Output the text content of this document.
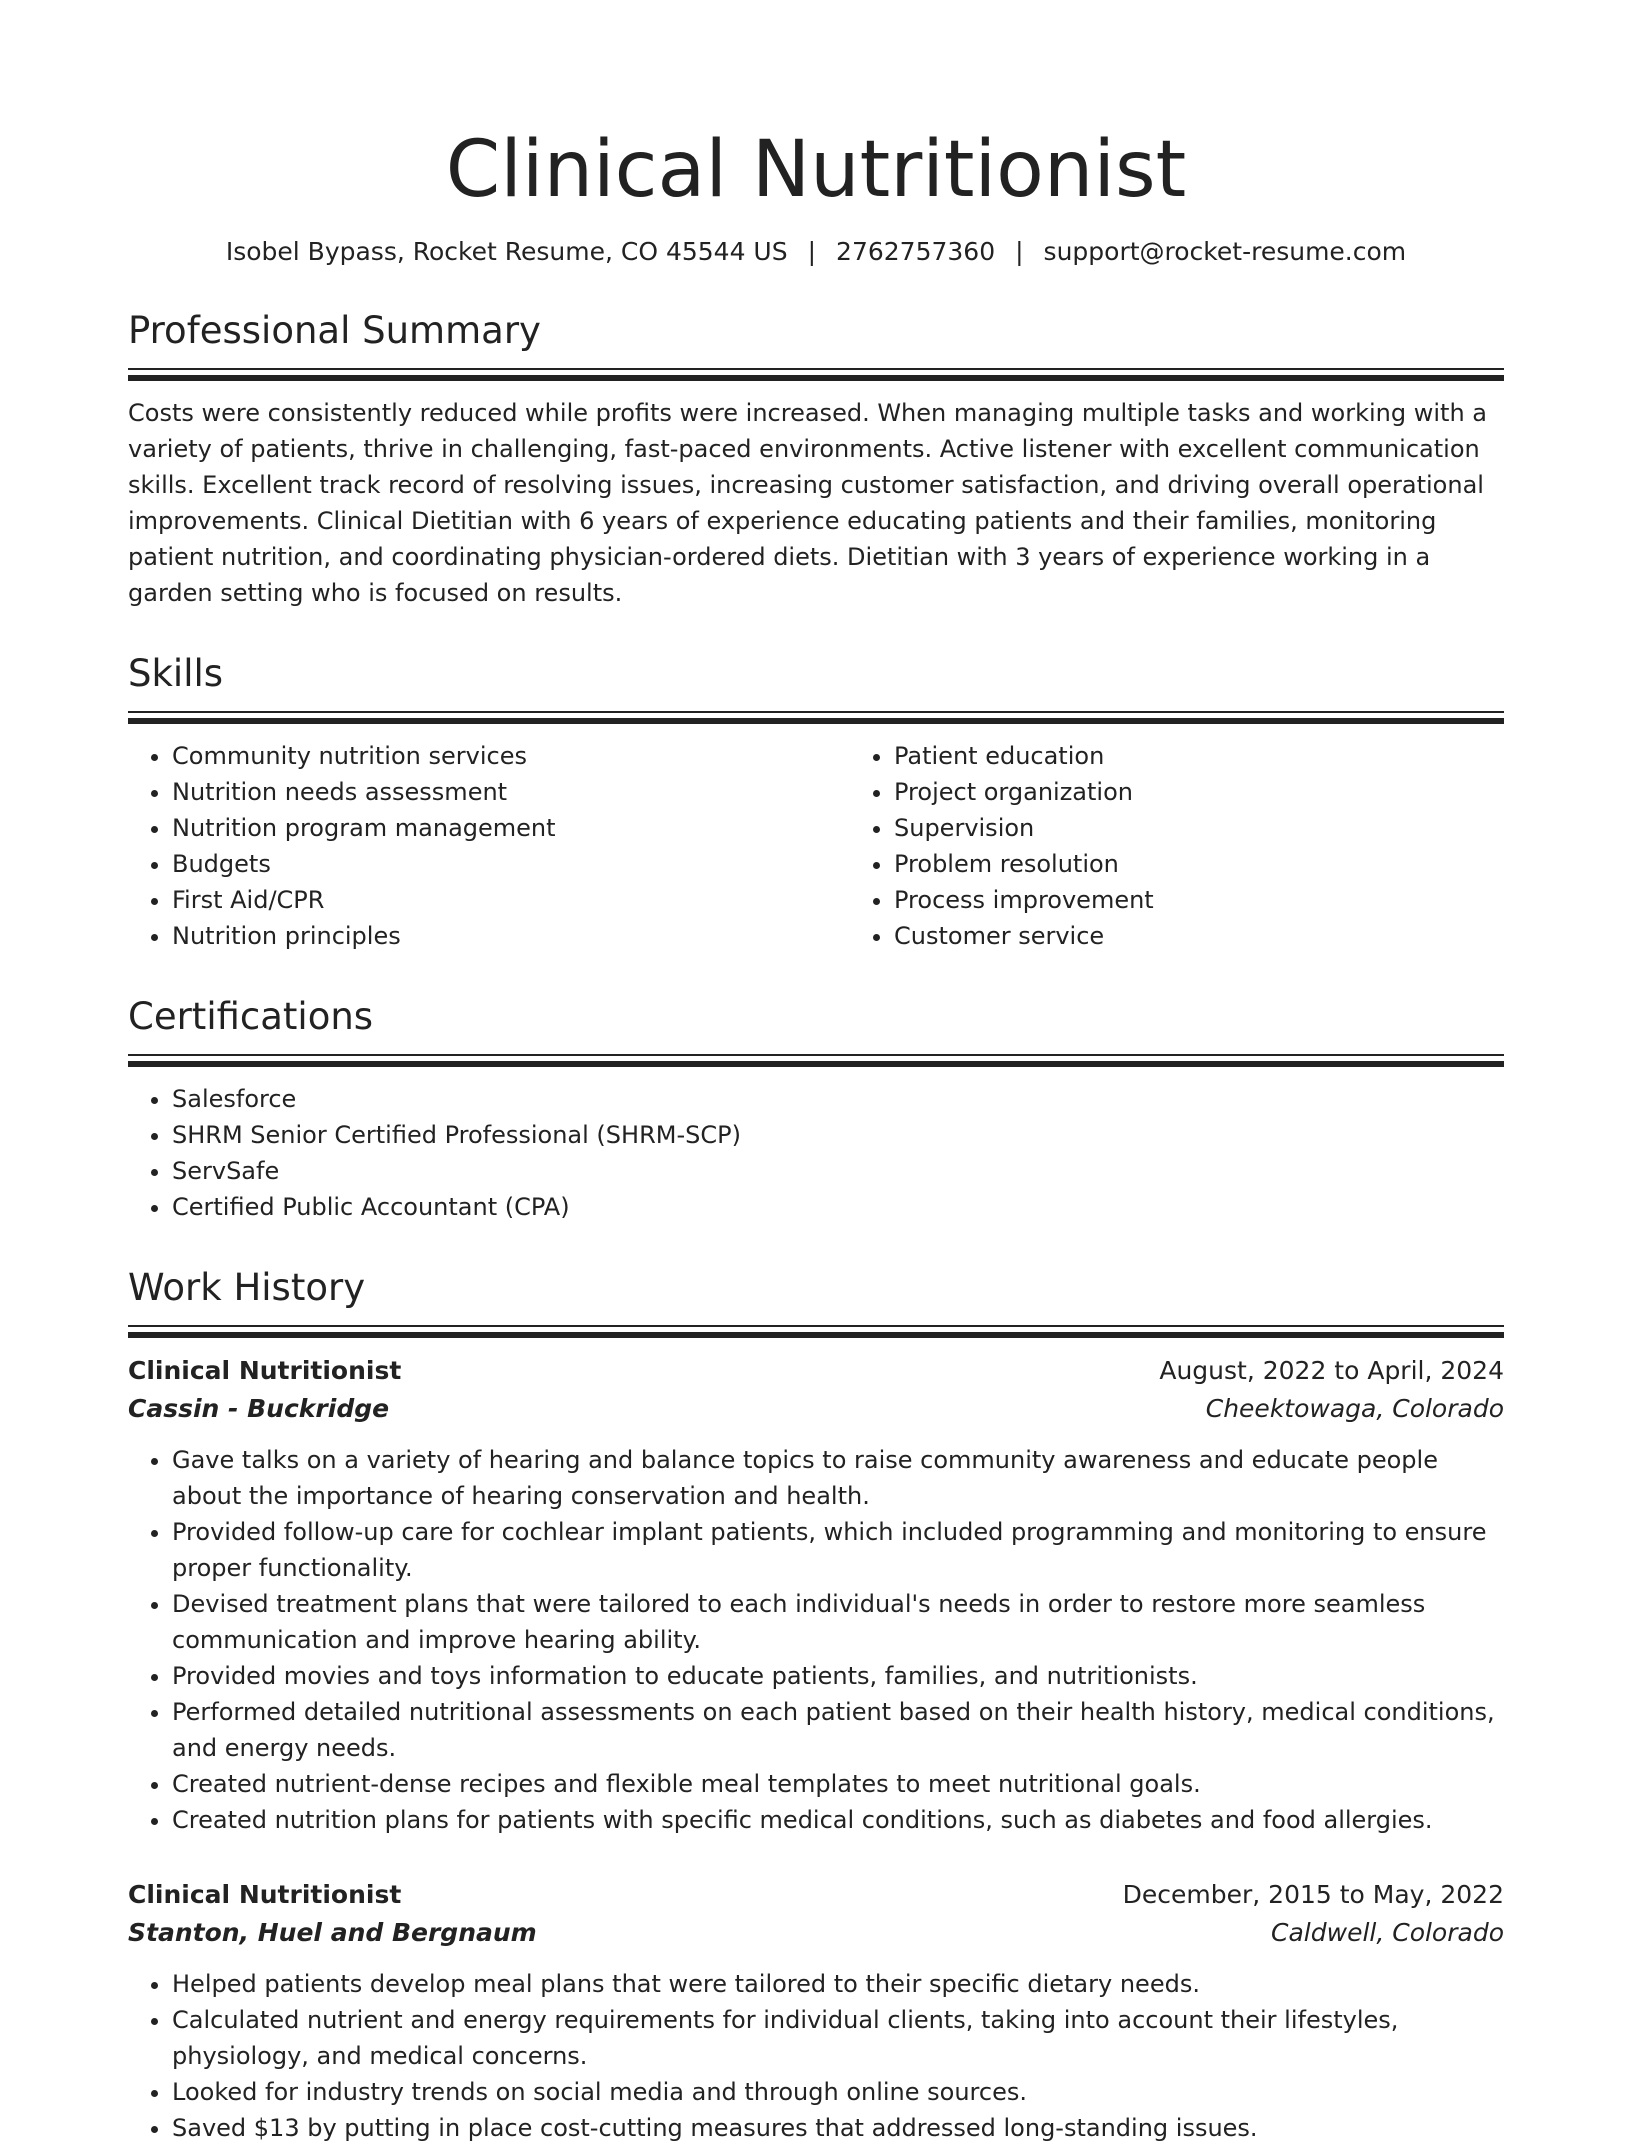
Clinical Nutritionist
Isobel Bypass, Rocket Resume, CO 45544 US | 2762757360 | support@rocket-resume.com
Professional Summary
Costs were consistently reduced while profits were increased. When managing multiple tasks and working with a variety of patients, thrive in challenging, fast-paced environments. Active listener with excellent communication skills. Excellent track record of resolving issues, increasing customer satisfaction, and driving overall operational improvements. Clinical Dietitian with 6 years of experience educating patients and their families, monitoring patient nutrition, and coordinating physician-ordered diets. Dietitian with 3 years of experience working in a garden setting who is focused on results.
Skills
• Community nutrition services
• Nutrition needs assessment
• Nutrition program management
• Budgets
• First Aid/CPR
• Nutrition principles
• Patient education
• Project organization
• Supervision
• Problem resolution
• Process improvement
• Customer service
Certifications
• Salesforce
• SHRM Senior Certified Professional (SHRM-SCP)
• ServSafe
• Certified Public Accountant (CPA)
Work History
Clinical Nutritionist	August, 2022 to April, 2024
Cassin - Buckridge	Cheektowaga, Colorado
• Gave talks on a variety of hearing and balance topics to raise community awareness and educate people about the importance of hearing conservation and health.
• Provided follow-up care for cochlear implant patients, which included programming and monitoring to ensure proper functionality.
• Devised treatment plans that were tailored to each individual's needs in order to restore more seamless communication and improve hearing ability.
• Provided movies and toys information to educate patients, families, and nutritionists.
• Performed detailed nutritional assessments on each patient based on their health history, medical conditions, and energy needs.
• Created nutrient-dense recipes and flexible meal templates to meet nutritional goals.
• Created nutrition plans for patients with specific medical conditions, such as diabetes and food allergies.
Clinical Nutritionist	December, 2015 to May, 2022
Stanton, Huel and Bergnaum	Caldwell, Colorado
• Helped patients develop meal plans that were tailored to their specific dietary needs.
• Calculated nutrient and energy requirements for individual clients, taking into account their lifestyles, physiology, and medical concerns.
• Looked for industry trends on social media and through online sources.
• Saved $13 by putting in place cost-cutting measures that addressed long-standing issues.
